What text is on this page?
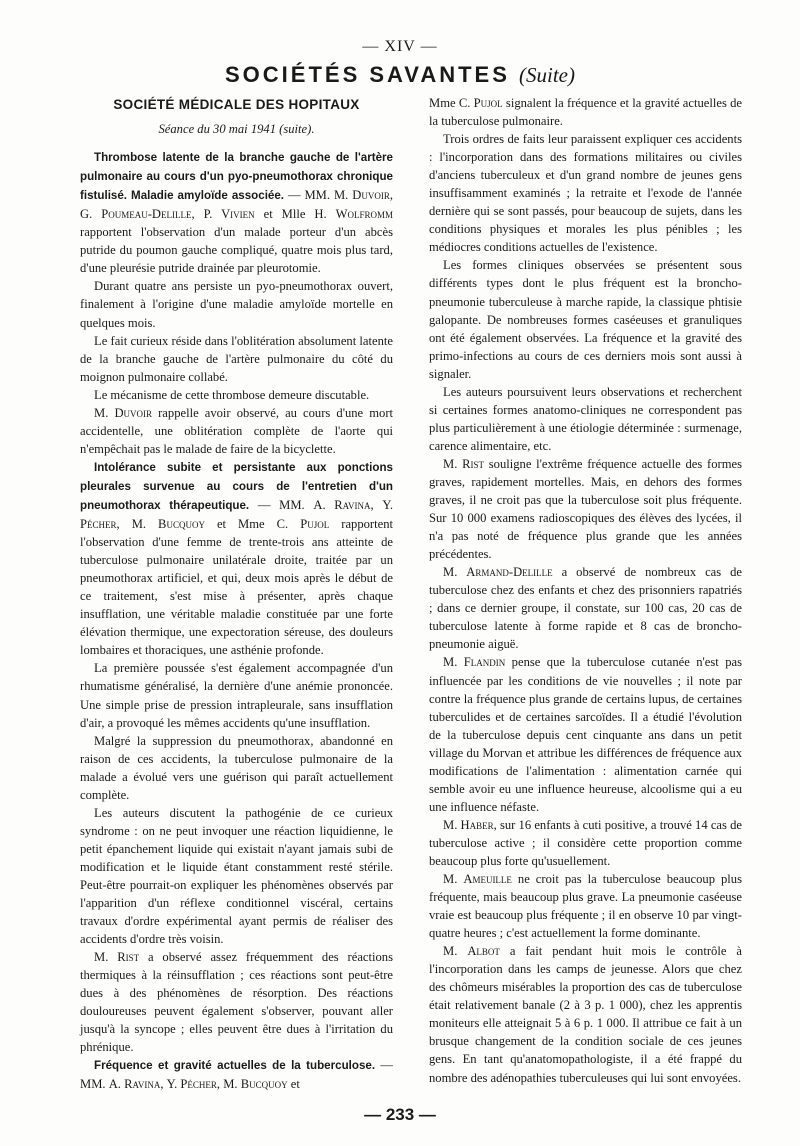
— XIV —
SOCIÉTÉS SAVANTES (Suite)
SOCIÉTÉ MÉDICALE DES HOPITAUX
Séance du 30 mai 1941 (suite).

Thrombose latente de la branche gauche de l'artère pulmonaire au cours d'un pyo-pneumothorax chronique fistulisé. Maladie amyloïde associée. — MM. M. Duvoir, G. Poumeau-Delille, P. Vivien et Mlle H. Wolfromm rapportent l'observation d'un malade porteur d'un abcès putride du poumon gauche compliqué, quatre mois plus tard, d'une pleurésie putride drainée par pleurotomie.

Durant quatre ans persiste un pyo-pneumothorax ouvert, finalement à l'origine d'une maladie amyloïde mortelle en quelques mois.

Le fait curieux réside dans l'oblitération absolument latente de la branche gauche de l'artère pulmonaire du côté du moignon pulmonaire collabé.

Le mécanisme de cette thrombose demeure discutable.

M. Duvoir rappelle avoir observé, au cours d'une mort accidentelle, une oblitération complète de l'aorte qui n'empêchait pas le malade de faire de la bicyclette.

Intolérance subite et persistante aux ponctions pleurales survenue au cours de l'entretien d'un pneumothorax thérapeutique. — MM. A. Ravina, Y. Pécher, M. Bucquoy et Mme C. Pujol rapportent l'observation d'une femme de trente-trois ans atteinte de tuberculose pulmonaire unilatérale droite, traitée par un pneumothorax artificiel, et qui, deux mois après le début de ce traitement, s'est mise à présenter, après chaque insufflation, une véritable maladie constituée par une forte élévation thermique, une expectoration séreuse, des douleurs lombaires et thoraciques, une asthénie profonde.

La première poussée s'est également accompagnée d'un rhumatisme généralisé, la dernière d'une anémie prononcée. Une simple prise de pression intrapleurale, sans insufflation d'air, a provoqué les mêmes accidents qu'une insufflation.

Malgré la suppression du pneumothorax, abandonné en raison de ces accidents, la tuberculose pulmonaire de la malade a évolué vers une guérison qui paraît actuellement complète.

Les auteurs discutent la pathogénie de ce curieux syndrome : on ne peut invoquer une réaction liquidienne, le petit épanchement liquide qui existait n'ayant jamais subi de modification et le liquide étant constamment resté stérile. Peut-être pourrait-on expliquer les phénomènes observés par l'apparition d'un réflexe conditionnel viscéral, certains travaux d'ordre expérimental ayant permis de réaliser des accidents d'ordre très voisin.

M. Rist a observé assez fréquemment des réactions thermiques à la réinsufflation ; ces réactions sont peut-être dues à des phénomènes de résorption. Des réactions douloureuses peuvent également s'observer, pouvant aller jusqu'à la syncope ; elles peuvent être dues à l'irritation du phrénique.

Fréquence et gravité actuelles de la tuberculose. — MM. A. Ravina, Y. Pécher, M. Bucquoy et

Mme C. Pujol signalent la fréquence et la gravité actuelles de la tuberculose pulmonaire.

Trois ordres de faits leur paraissent expliquer ces accidents : l'incorporation dans des formations militaires ou civiles d'anciens tuberculeux et d'un grand nombre de jeunes gens insuffisamment examinés ; la retraite et l'exode de l'année dernière qui se sont passés, pour beaucoup de sujets, dans les conditions physiques et morales les plus pénibles ; les médiocres conditions actuelles de l'existence.

Les formes cliniques observées se présentent sous différents types dont le plus fréquent est la broncho-pneumonie tuberculeuse à marche rapide, la classique phtisie galopante. De nombreuses formes caséeuses et granuliques ont été également observées. La fréquence et la gravité des primo-infections au cours de ces derniers mois sont aussi à signaler.

Les auteurs poursuivent leurs observations et recherchent si certaines formes anatomo-cliniques ne correspondent pas plus particulièrement à une étiologie déterminée : surmenage, carence alimentaire, etc.

M. Rist souligne l'extrême fréquence actuelle des formes graves, rapidement mortelles. Mais, en dehors des formes graves, il ne croit pas que la tuberculose soit plus fréquente. Sur 10 000 examens radioscopiques des élèves des lycées, il n'a pas noté de fréquence plus grande que les années précédentes.

M. Armand-Delille a observé de nombreux cas de tuberculose chez des enfants et chez des prisonniers rapatriés ; dans ce dernier groupe, il constate, sur 100 cas, 20 cas de tuberculose latente à forme rapide et 8 cas de broncho-pneumonie aiguë.

M. Flandin pense que la tuberculose cutanée n'est pas influencée par les conditions de vie nouvelles ; il note par contre la fréquence plus grande de certains lupus, de certaines tuberculides et de certaines sarcoïdes. Il a étudié l'évolution de la tuberculose depuis cent cinquante ans dans un petit village du Morvan et attribue les différences de fréquence aux modifications de l'alimentation : alimentation carnée qui semble avoir eu une influence heureuse, alcoolisme qui a eu une influence néfaste.

M. Haber, sur 16 enfants à cuti positive, a trouvé 14 cas de tuberculose active ; il considère cette proportion comme beaucoup plus forte qu'usuellement.

M. Ameuille ne croit pas la tuberculose beaucoup plus fréquente, mais beaucoup plus grave. La pneumonie caséeuse vraie est beaucoup plus fréquente ; il en observe 10 par vingt-quatre heures ; c'est actuellement la forme dominante.

M. Albot a fait pendant huit mois le contrôle à l'incorporation dans les camps de jeunesse. Alors que chez des chômeurs misérables la proportion des cas de tuberculose était relativement banale (2 à 3 p. 1 000), chez les apprentis moniteurs elle atteignait 5 à 6 p. 1 000. Il attribue ce fait à un brusque changement de la condition sociale de ces jeunes gens. En tant qu'anatomopathologiste, il a été frappé du nombre des adénopathies tuberculeuses qui lui sont envoyées.

— 233 —
